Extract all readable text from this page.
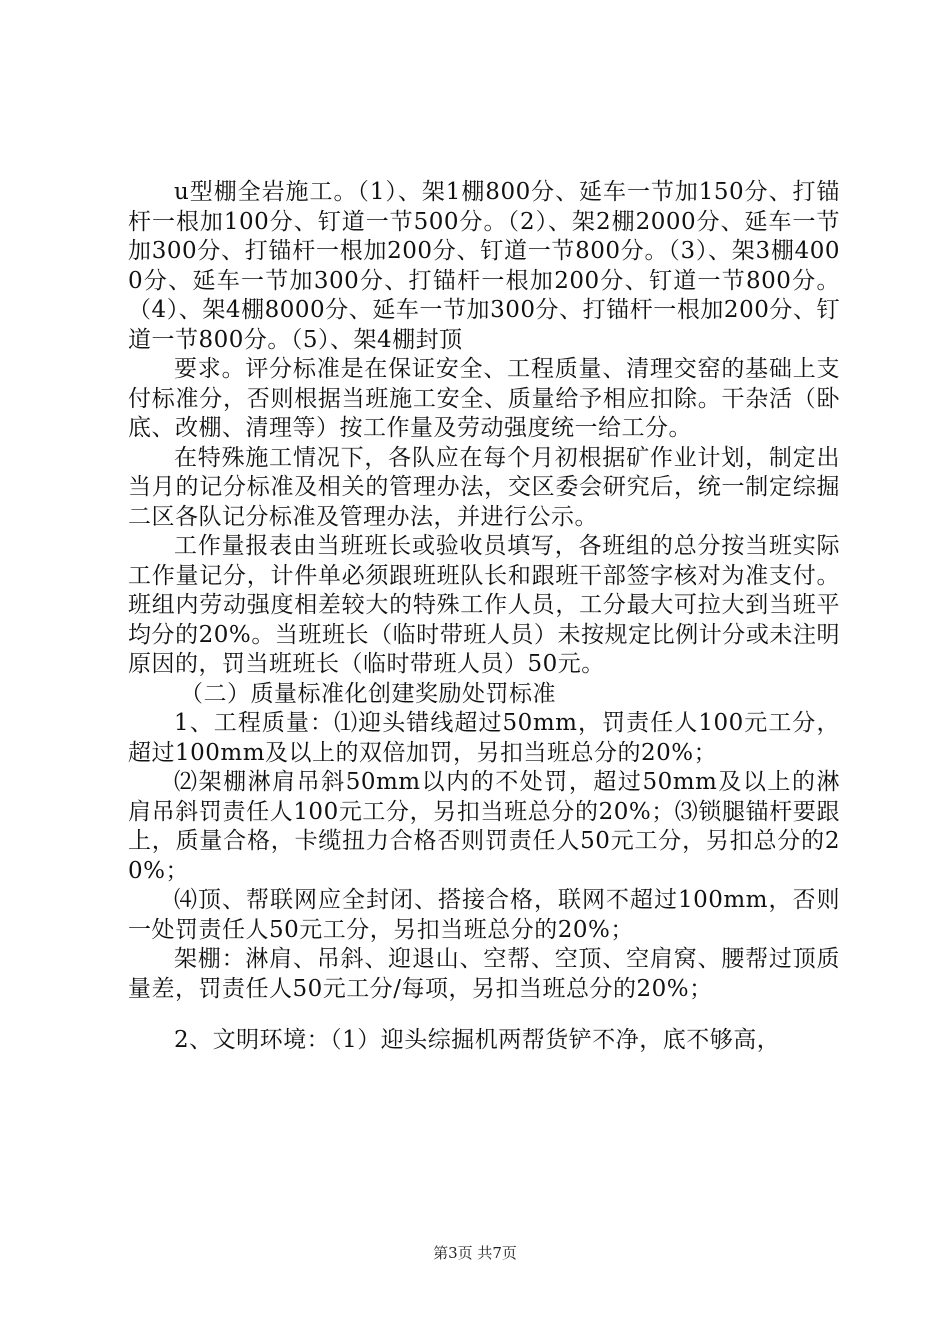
u型棚全岩施工。（1）、架1棚800分、延车一节加150分、打锚杆一根加100分、钉道一节500分。（2）、架2棚2000分、延车一节加300分、打锚杆一根加200分、钉道一节800分。（3）、架3棚4000分、延车一节加300分、打锚杆一根加200分、钉道一节800分。（4）、架4棚8000分、延车一节加300分、打锚杆一根加200分、钉道一节800分。（5）、架4棚封顶

要求。评分标准是在保证安全、工程质量、清理交窑的基础上支付标准分，否则根据当班施工安全、质量给予相应扣除。干杂活（卧底、改棚、清理等）按工作量及劳动强度统一给工分。

在特殊施工情况下，各队应在每个月初根据矿作业计划，制定出当月的记分标准及相关的管理办法，交区委会研究后，统一制定综掘二区各队记分标准及管理办法，并进行公示。

工作量报表由当班班长或验收员填写，各班组的总分按当班实际工作量记分，计件单必须跟班班队长和跟班干部签字核对为准支付。班组内劳动强度相差较大的特殊工作人员，工分最大可拉大到当班平均分的20%。当班班长（临时带班人员）未按规定比例计分或未注明原因的，罚当班班长（临时带班人员）50元。

（二）质量标准化创建奖励处罚标准

1、工程质量：⑴迎头错线超过50mm，罚责任人100元工分，超过100mm及以上的双倍加罚，另扣当班总分的20%；

⑵架棚淋肩吊斜50mm以内的不处罚，超过50mm及以上的淋肩吊斜罚责任人100元工分，另扣当班总分的20%；⑶锁腿锚杆要跟上，质量合格，卡缆扭力合格否则罚责任人50元工分，另扣总分的20%；

⑷顶、帮联网应全封闭、搭接合格，联网不超过100mm，否则一处罚责任人50元工分，另扣当班总分的20%；

架棚：淋肩、吊斜、迎退山、空帮、空顶、空肩窝、腰帮过顶质量差，罚责任人50元工分/每项，另扣当班总分的20%；

2、文明环境：（1）迎头综掘机两帮货铲不净，底不够高，

第3页 共7页
